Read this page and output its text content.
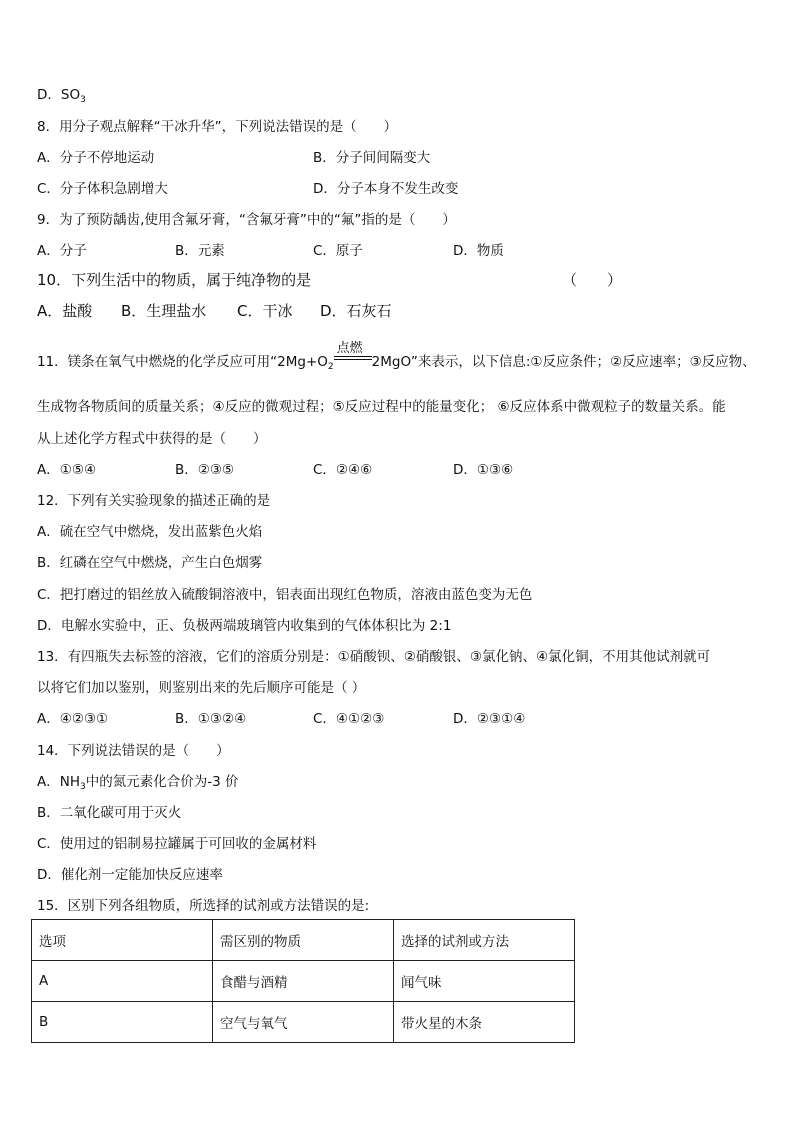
D．$SO_3$
8．用分子观点解释“干冰升华”，下列说法错误的是（　　）
A．分子不停地运动	B．分子间间隔变大
C．分子体积急剧增大	D．分子本身不发生改变
9．为了预防龋齿,使用含氟牙膏，“含氟牙膏”中的“氟”指的是（　　）
A．分子	B．元素	C．原子	D．物质
10．下列生活中的物质，属于纯净物的是	（　　）
A．盐酸 B．生理盐水 C．干冰 D．石灰石
11．镁条在氧气中燃烧的化学反应可用“$2Mg+O_2$
点燃
2MgO”来表示，以下信息:①反应条件；②反应速率；③反应物、
生成物各物质间的质量关系；④反应的微观过程；⑤反应过程中的能量变化； ⑥反应体系中微观粒子的数量关系。能
从上述化学方程式中获得的是（　　）
A．①⑤④	B．②③⑤	C．②④⑥	D．①③⑥
12．下列有关实验现象的描述正确的是
A．硫在空气中燃烧，发出蓝紫色火焰
B．红磷在空气中燃烧，产生白色烟雾
C．把打磨过的铝丝放入硫酸铜溶液中，铝表面出现红色物质，溶液由蓝色变为无色
D．电解水实验中，正、负极两端玻璃管内收集到的气体体积比为 2:1
13．有四瓶失去标签的溶液，它们的溶质分别是：①硝酸钡、②硝酸银、③氯化钠、④氯化铜，不用其他试剂就可
以将它们加以鉴别，则鉴别出来的先后顺序可能是（ ）
A．④②③①	B．①③②④	C．④①②③	D．②③①④
14．下列说法错误的是（　　）
A．$NH_3$中的氮元素化合价为-3 价
B．二氧化碳可用于灭火
C．使用过的铝制易拉罐属于可回收的金属材料
D．催化剂一定能加快反应速率
15．区别下列各组物质，所选择的试剂或方法错误的是:
选项	需区别的物质	选择的试剂或方法
A	食醋与酒精	闻气味
B	空气与氧气	带火星的木条
